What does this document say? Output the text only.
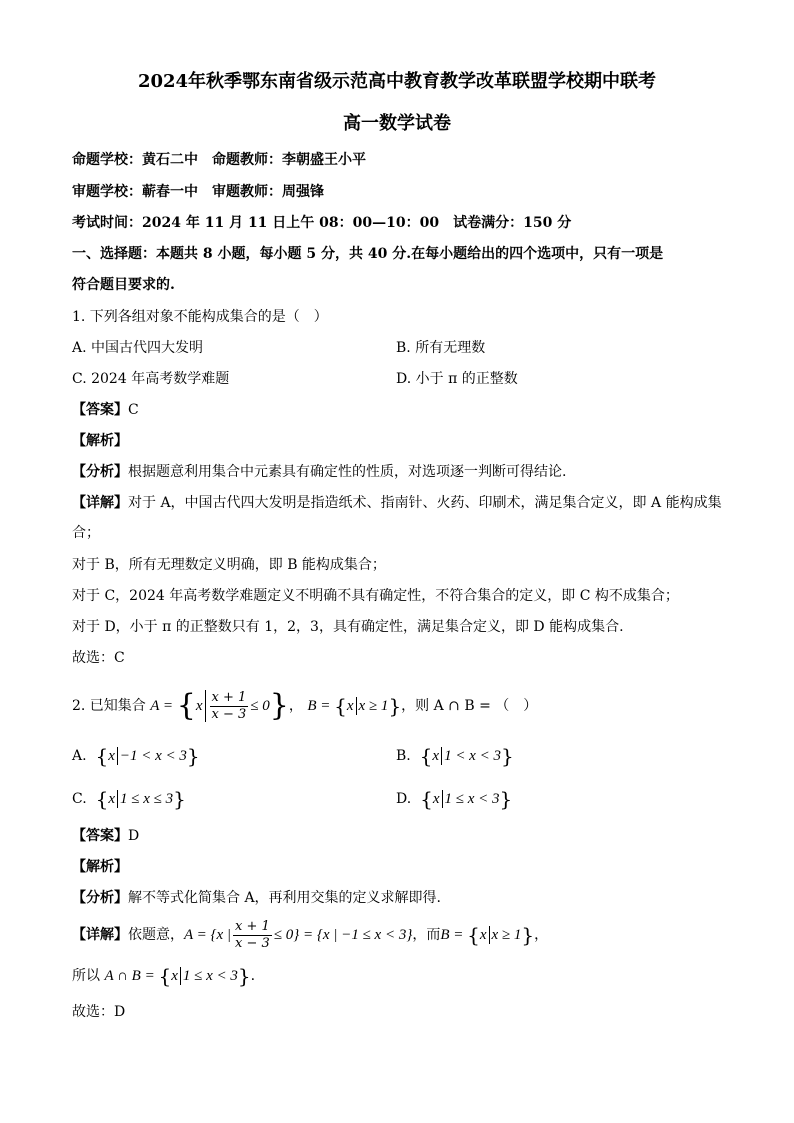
2024年秋季鄂东南省级示范高中教育教学改革联盟学校期中联考
高一数学试卷
命题学校：黄石二中　命题教师：李朝盛王小平
审题学校：蕲春一中　审题教师：周强锋
考试时间：2024 年 11 月 11 日上午 08：00—10：00　试卷满分：150 分
一、选择题：本题共 8 小题，每小题 5 分，共 40 分.在每小题给出的四个选项中，只有一项是
符合题目要求的.
1. 下列各组对象不能构成集合的是（　）
A. 中国古代四大发明	B. 所有无理数
C. 2024 年高考数学难题	D. 小于 π 的正整数
【答案】C
【解析】
【分析】根据题意利用集合中元素具有确定性的性质，对选项逐一判断可得结论.
【详解】对于 A，中国古代四大发明是指造纸术、指南针、火药、印刷术，满足集合定义，即 A 能构成集
合；
对于 B，所有无理数定义明确，即 B 能构成集合；
对于 C，2024 年高考数学难题定义不明确不具有确定性，不符合集合的定义，即 C 构不成集合；
对于 D，小于 π 的正整数只有 1，2，3，具有确定性，满足集合定义，即 D 能构成集合.
故选：C
2. 已知集合 $A = \{x \frac{x + 1}{x - 3} \le 0\}$， B = {x x ≥ 1}，则 A ∩ B = （　）
A. {x −1 < x < 3}	B. {x 1 < x < 3}
C. {x 1 ≤ x ≤ 3}	D. {x 1 ≤ x < 3}
【答案】D
【解析】
【分析】解不等式化简集合 A，再利用交集的定义求解即得.
【详解】依题意，A = {x | $\frac{x + 1}{x - 3} \le 0\} = \{x$ | −1 ≤ x < 3}，而B = {x x ≥ 1}，
所以 A ∩ B = {x 1 ≤ x < 3}.
故选：D
